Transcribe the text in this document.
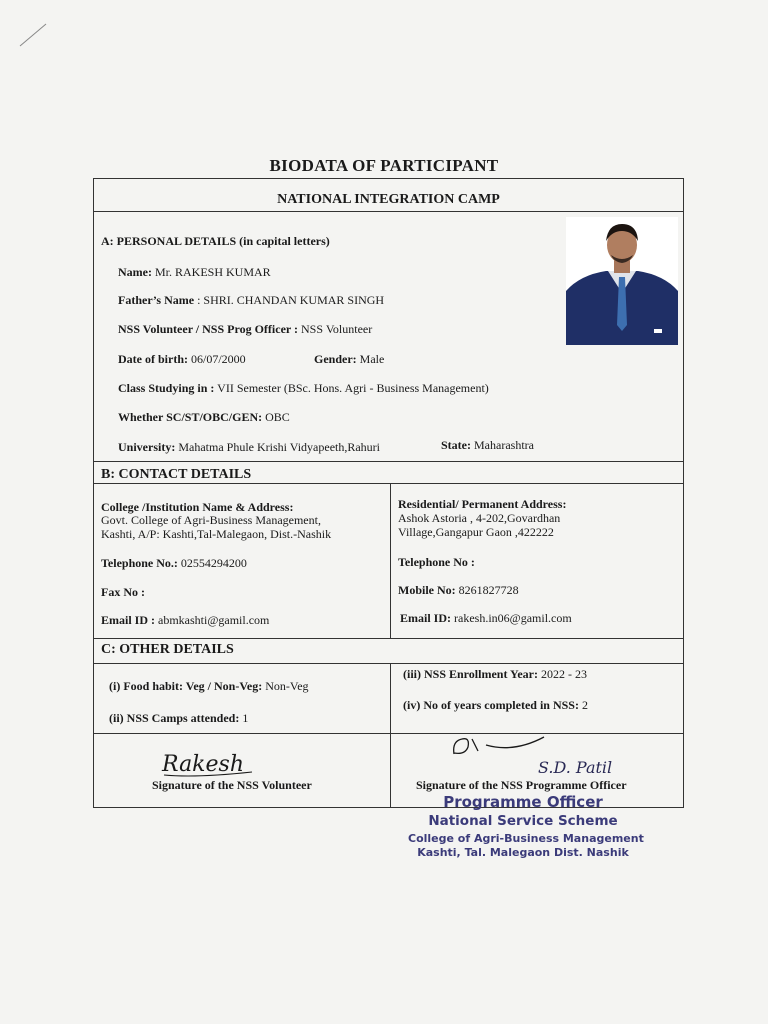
BIODATA OF PARTICIPANT
NATIONAL INTEGRATION CAMP
A: PERSONAL DETAILS (in capital letters)
Name: Mr. RAKESH KUMAR
Father’s Name : SHRI. CHANDAN KUMAR SINGH
NSS Volunteer / NSS Prog Officer : NSS Volunteer
Date of birth: 06/07/2000	Gender: Male
Class Studying in : VII Semester (BSc. Hons. Agri - Business Management)
Whether SC/ST/OBC/GEN: OBC
University: Mahatma Phule Krishi Vidyapeeth,Rahuri	State: Maharashtra
B: CONTACT DETAILS
College /Institution Name & Address:
Govt. College of Agri-Business Management,
Kashti, A/P: Kashti,Tal-Malegaon, Dist.-Nashik
Telephone No.: 02554294200
Fax No :
Email ID : abmkashti@gamil.com
Residential/ Permanent Address:
Ashok Astoria , 4-202,Govardhan
Village,Gangapur Gaon ,422222
Telephone No :
Mobile No: 8261827728
Email ID: rakesh.in06@gamil.com
C: OTHER DETAILS
(i) Food habit: Veg / Non-Veg: Non-Veg
(ii) NSS Camps attended: 1
(iii) NSS Enrollment Year: 2022 - 23
(iv) No of years completed in NSS: 2
Rakesh
Signature of the NSS Volunteer
S.D. Patil
Signature of the NSS Programme Officer
Programme Officer
National Service Scheme
College of Agri-Business Management
Kashti, Tal. Malegaon Dist. Nashik
